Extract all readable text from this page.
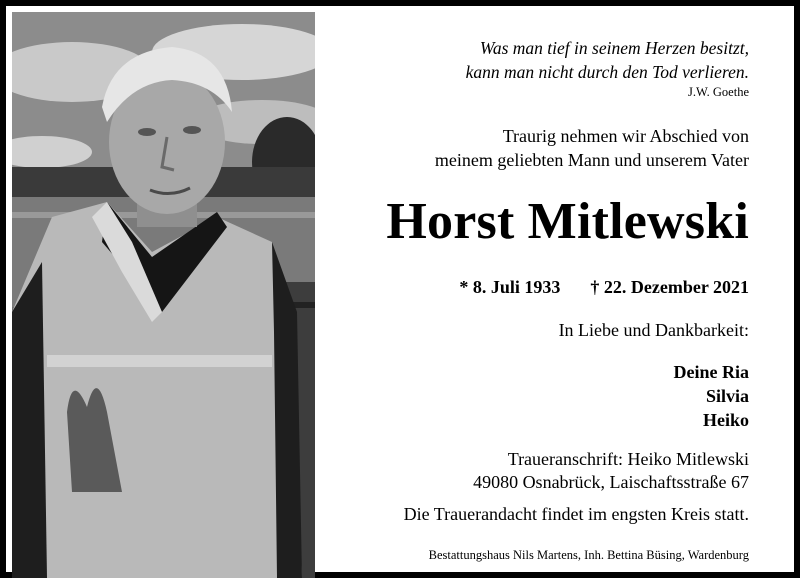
Was man tief in seinem Herzen besitzt,
kann man nicht durch den Tod verlieren.
J.W. Goethe
Traurig nehmen wir Abschied von
meinem geliebten Mann und unserem Vater
Horst Mitlewski
* 8. Juli 1933 † 22. Dezember 2021
In Liebe und Dankbarkeit:
Deine Ria
Silvia
Heiko
Traueranschrift: Heiko Mitlewski
49080 Osnabrück, Laischaftsstraße 67
Die Trauerandacht findet im engsten Kreis statt.
Bestattungshaus Nils Martens, Inh. Bettina Büsing, Wardenburg
